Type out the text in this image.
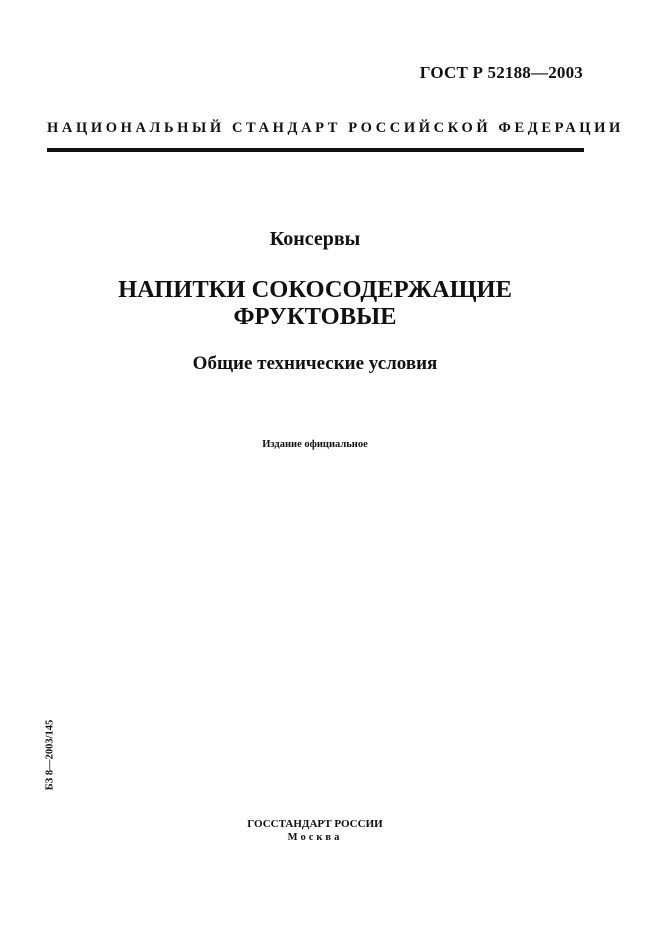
ГОСТ Р 52188—2003
НАЦИОНАЛЬНЫЙ СТАНДАРТ РОССИЙСКОЙ ФЕДЕРАЦИИ
Консервы
НАПИТКИ СОКОСОДЕРЖАЩИЕ
ФРУКТОВЫЕ
Общие технические условия
Издание официальное
БЗ 8—2003/145
ГОССТАНДАРТ РОССИИ
Москва
